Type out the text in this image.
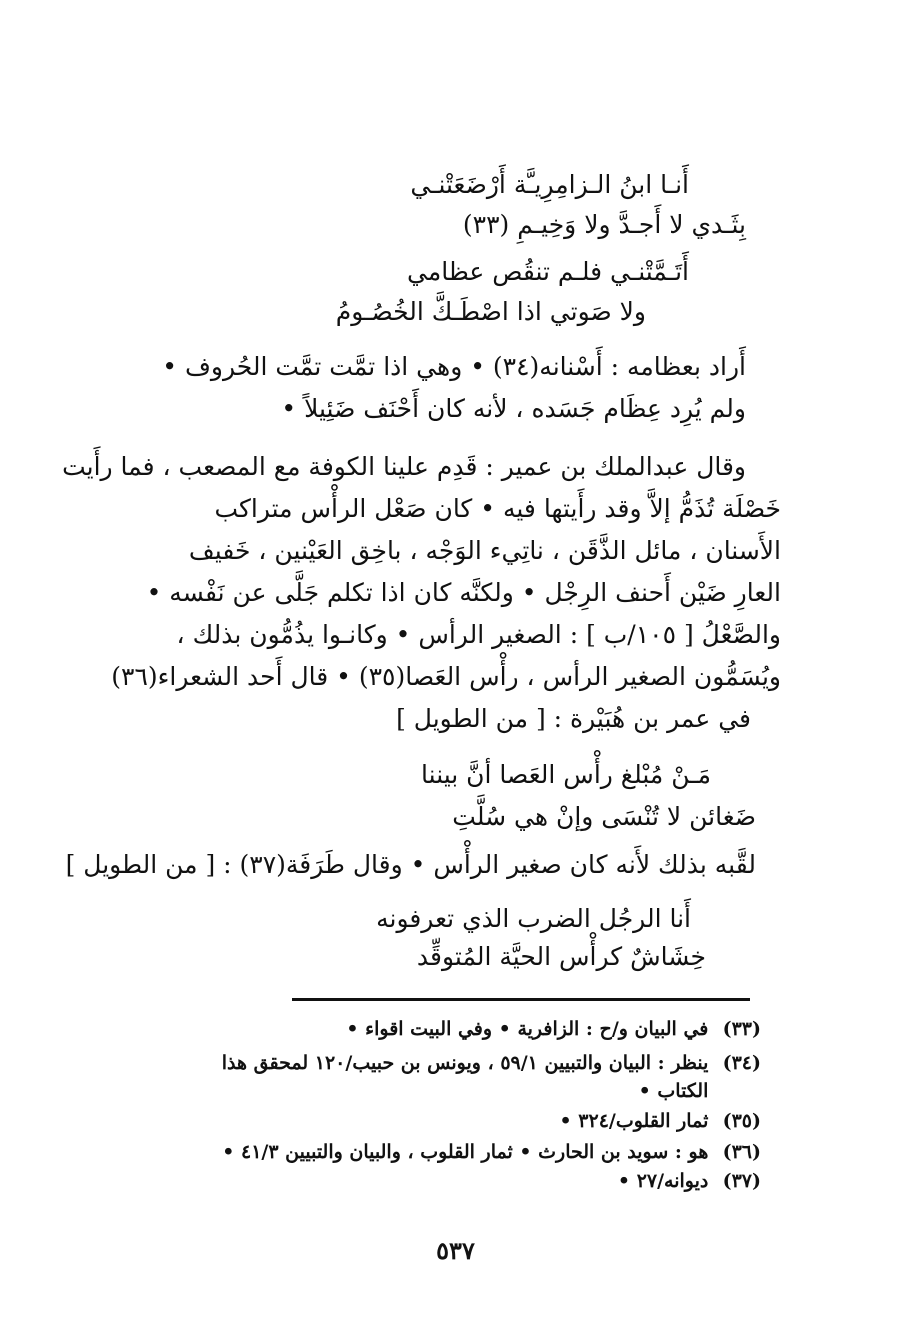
أَنـا ابنُ الـزامِرِيـَّة أَرْضَعَتْنـي
بِثَـدي لا أَجـدَّ ولا وَخِيـمِ (٣٣)
أَتَـمَّتْنـي فلـم تنقُص عظامي
ولا صَوتي اذا اصْطَـكَّ الخُصُـومُ
أَراد بعظامه : أَسْنانه(٣٤) • وهي اذا تمَّت تمَّت الحُروف •
ولم يُرِد عِظَام جَسَده ، لأنه كان أَحْنَف ضَئِيلاً •
وقال عبدالملك بن عمير : قَدِم علينا الكوفة مع المصعب ، فما رأَيت
خَصْلَة تُذَمُّ إلاَّ وقد رأَيتها فيه • كان صَعْل الرأْس متراكب
الأَسنان ، مائل الذَّقَن ، ناتِيء الوَجْه ، باخِق العَيْنين ، خَفيف
العارِ ضَيْن أَحنف الرِجْل • ولكنَّه كان اذا تكلم جَلَّى عن نَفْسه •
والصَّعْلُ [ ١٠٥/ب ] : الصغير الرأس • وكانـوا يذُمُّون بذلك ،
ويُسَمُّون الصغير الرأس ، رأْس العَصا(٣٥) • قال أَحد الشعراء(٣٦)
في عمر بن هُبَيْرة : [ من الطويل ]
مَـنْ مُبْلغ رأْس العَصا أنَّ بيننا
ضَغائن لا تُنْسَى وإنْ هي سُلَّتِ
لقَّبه بذلك لأَنه كان صغير الرأْس • وقال طَرَفَة(٣٧) : [ من الطويل ]
أَنا الرجُل الضرب الذي تعرفونه
خِشَاشٌ كرأْس الحيَّة المُتوقِّد
(٣٣) في البيان و/ح : الزافرية • وفي البيت اقواء •
(٣٤) ينظر : البيان والتبيين ٥٩/١ ، ويونس بن حبيب/١٢٠ لمحقق هذا
الكتاب •
(٣٥) ثمار القلوب/٣٢٤ •
(٣٦) هو : سويد بن الحارث • ثمار القلوب ، والبيان والتبيين ٤١/٣ •
(٣٧) ديوانه/٢٧ •
٥٣٧
